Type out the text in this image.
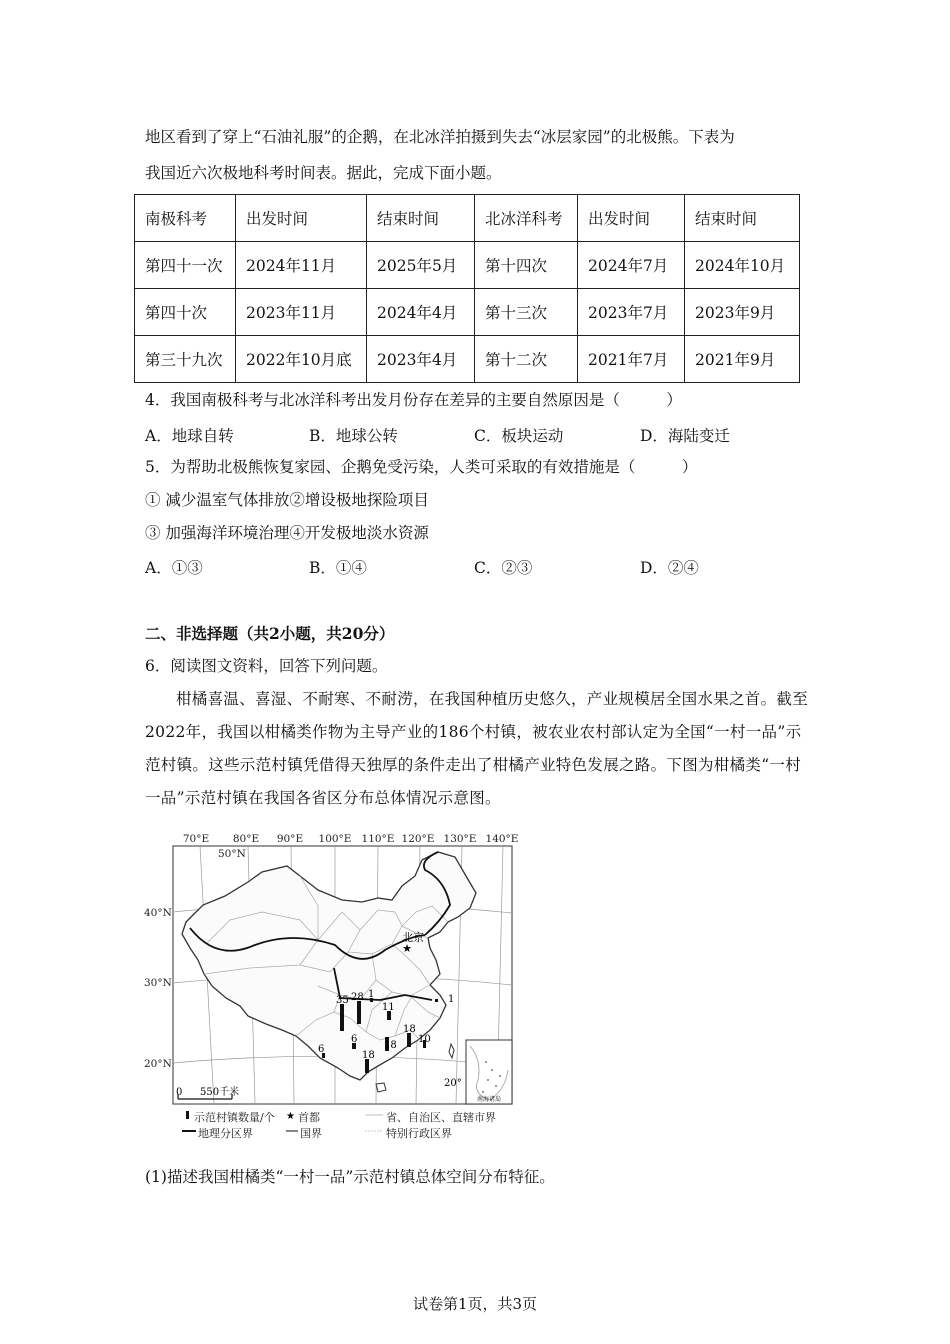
地区看到了穿上“石油礼服”的企鹅，在北冰洋拍摄到失去“冰层家园”的北极熊。下表为
我国近六次极地科考时间表。据此，完成下面小题。
南极科考	出发时间	结束时间	北冰洋科考	出发时间	结束时间
第四十一次	2024年11月	2025年5月	第十四次	2024年7月	2024年10月
第四十次	2023年11月	2024年4月	第十三次	2023年7月	2023年9月
第三十九次	2022年10月底	2023年4月	第十二次	2021年7月	2021年9月
4．我国南极科考与北冰洋科考出发月份存在差异的主要自然原因是（　　　）
A．地球自转	B．地球公转	C．板块运动	D．海陆变迁
5．为帮助北极熊恢复家园、企鹅免受污染，人类可采取的有效措施是（　　　）
① 减少温室气体排放②增设极地探险项目
③ 加强海洋环境治理④开发极地淡水资源
A．①③	B．①④	C．②③	D．②④
二、非选择题（共2小题，共20分）
6．阅读图文资料，回答下列问题。
柑橘喜温、喜湿、不耐寒、不耐涝，在我国种植历史悠久，产业规模居全国水果之首。截至2022年，我国以柑橘类作物为主导产业的186个村镇，被农业农村部认定为全国“一村一品”示范村镇。这些示范村镇凭借得天独厚的条件走出了柑橘产业特色发展之路。下图为柑橘类“一村一品”示范村镇在我国各省区分布总体情况示意图。
70°E 80°E 90°E 100°E 110°E 120°E 130°E 140°E
40°N
30°N
20°N
50°N
北京
★
35 28 1
11
1
18
6
18
18
10
6
南海诸岛
20°
0 550千米
★
示范村镇数量/个 首都	省、自治区、直辖市界
地理分区界	国界	特别行政区界
(1)描述我国柑橘类“一村一品”示范村镇总体空间分布特征。
试卷第1页，共3页
